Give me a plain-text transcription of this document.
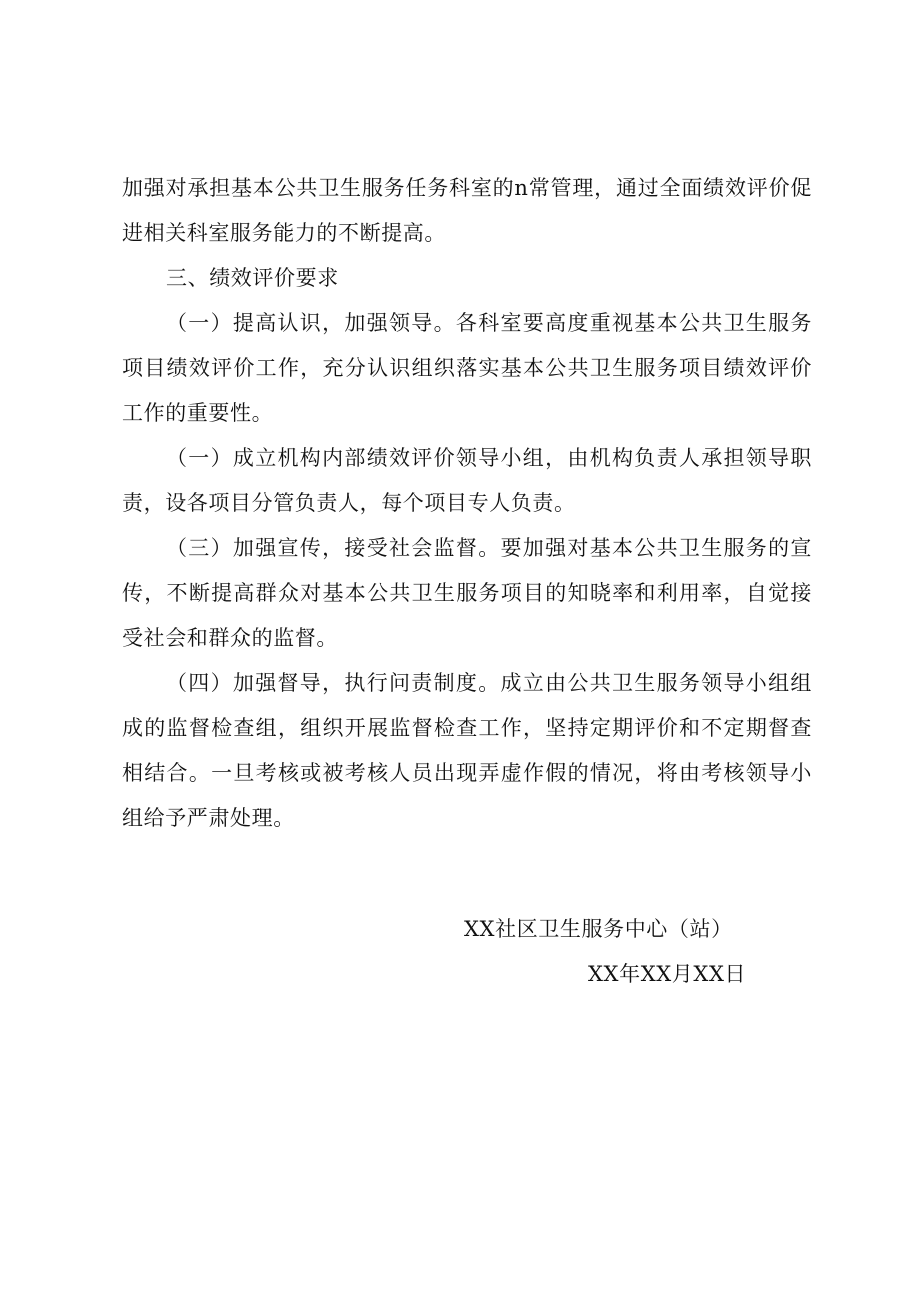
加强对承担基本公共卫生服务任务科室的n常管理，通过全面绩效评价促进相关科室服务能力的不断提高。

三、绩效评价要求

（一）提高认识，加强领导。各科室要高度重视基本公共卫生服务项目绩效评价工作，充分认识组织落实基本公共卫生服务项目绩效评价工作的重要性。

（一）成立机构内部绩效评价领导小组，由机构负责人承担领导职责，设各项目分管负责人，每个项目专人负责。

（三）加强宣传，接受社会监督。要加强对基本公共卫生服务的宣传，不断提高群众对基本公共卫生服务项目的知晓率和利用率，自觉接受社会和群众的监督。

（四）加强督导，执行问责制度。成立由公共卫生服务领导小组组成的监督检查组，组织开展监督检查工作，坚持定期评价和不定期督查相结合。一旦考核或被考核人员出现弄虚作假的情况，将由考核领导小组给予严肃处理。

XX社区卫生服务中心（站）
XX年XX月XX日
